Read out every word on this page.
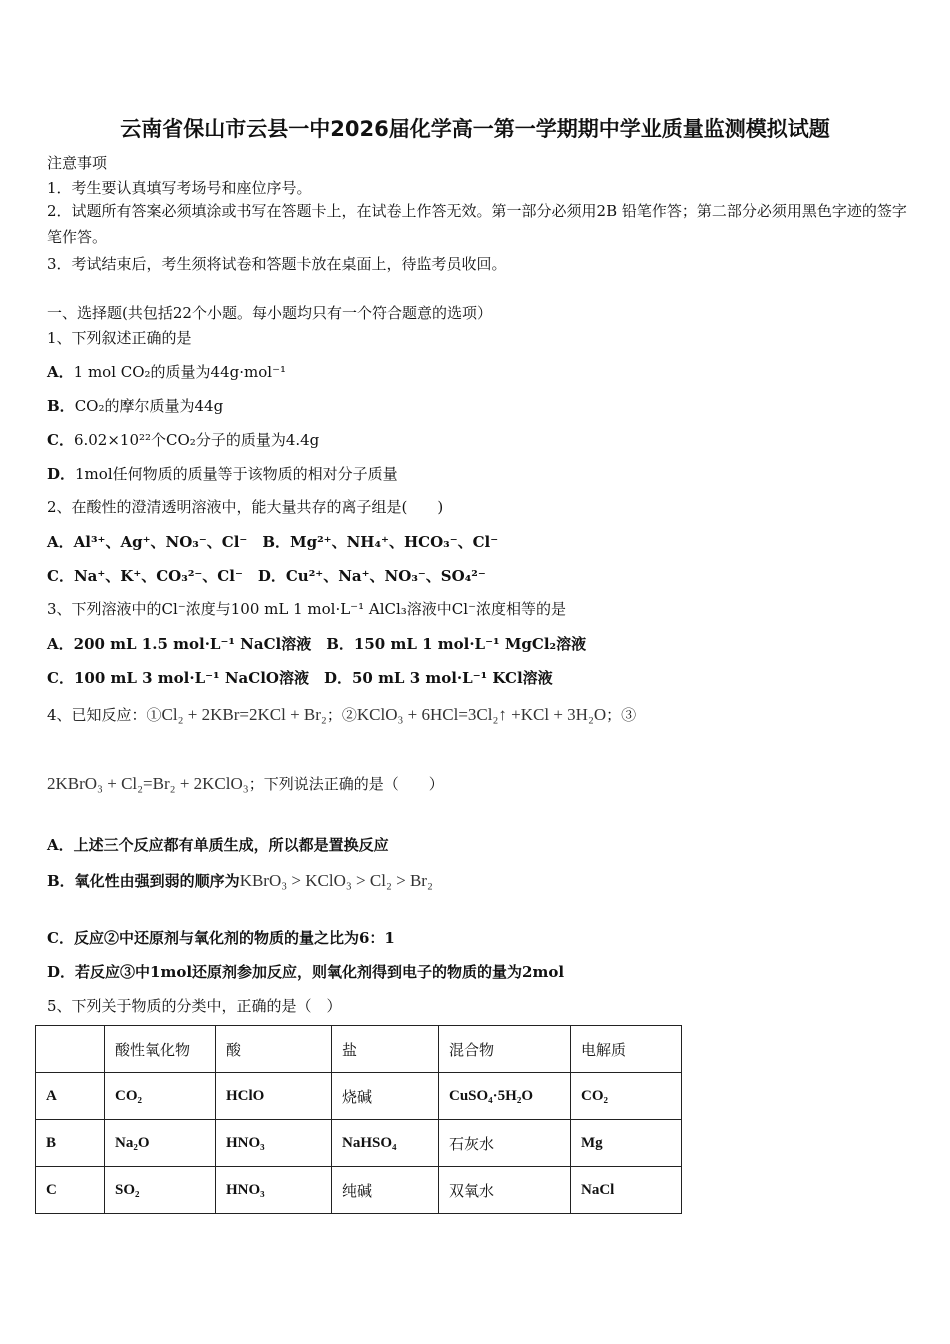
云南省保山市云县一中2026届化学高一第一学期期中学业质量监测模拟试题
注意事项
1．考生要认真填写考场号和座位序号。
2．试题所有答案必须填涂或书写在答题卡上，在试卷上作答无效。第一部分必须用2B 铅笔作答；第二部分必须用黑色字迹的签字笔作答。
3．考试结束后，考生须将试卷和答题卡放在桌面上，待监考员收回。
一、选择题(共包括22个小题。每小题均只有一个符合题意的选项）
1、下列叙述正确的是
A．1 mol CO₂的质量为44g·mol⁻¹
B．CO₂的摩尔质量为44g
C．6.02×10²²个CO₂分子的质量为4.4g
D．1mol任何物质的质量等于该物质的相对分子质量
2、在酸性的澄清透明溶液中，能大量共存的离子组是(　　)
A．Al³⁺、Ag⁺、NO₃⁻、Cl⁻　B．Mg²⁺、NH₄⁺、HCO₃⁻、Cl⁻
C．Na⁺、K⁺、CO₃²⁻、Cl⁻　D．Cu²⁺、Na⁺、NO₃⁻、SO₄²⁻
3、下列溶液中的Cl⁻浓度与100 mL 1 mol·L⁻¹ AlCl₃溶液中Cl⁻浓度相等的是
A．200 mL 1.5 mol·L⁻¹ NaCl溶液　B．150 mL 1 mol·L⁻¹ MgCl₂溶液
C．100 mL 3 mol·L⁻¹ NaClO溶液　D．50 mL 3 mol·L⁻¹ KCl溶液
4、已知反应：①Cl₂ + 2KBr=2KCl + Br₂；②KClO₃ + 6HCl=3Cl₂↑ +KCl + 3H₂O；③
2KBrO₃ + Cl₂=Br₂ + 2KClO₃；下列说法正确的是（　　）
A．上述三个反应都有单质生成，所以都是置换反应
B．氧化性由强到弱的顺序为KBrO₃ > KClO₃ > Cl₂ > Br₂
C．反应②中还原剂与氧化剂的物质的量之比为6：1
D．若反应③中1mol还原剂参加反应，则氧化剂得到电子的物质的量为2mol
5、下列关于物质的分类中，正确的是（　）
	酸性氧化物	酸	盐	混合物	电解质
A	CO₂	HClO	烧碱	CuSO₄·5H₂O	CO₂
B	Na₂O	HNO₃	NaHSO₄	石灰水	Mg
C	SO₂	HNO₃	纯碱	双氧水	NaCl
